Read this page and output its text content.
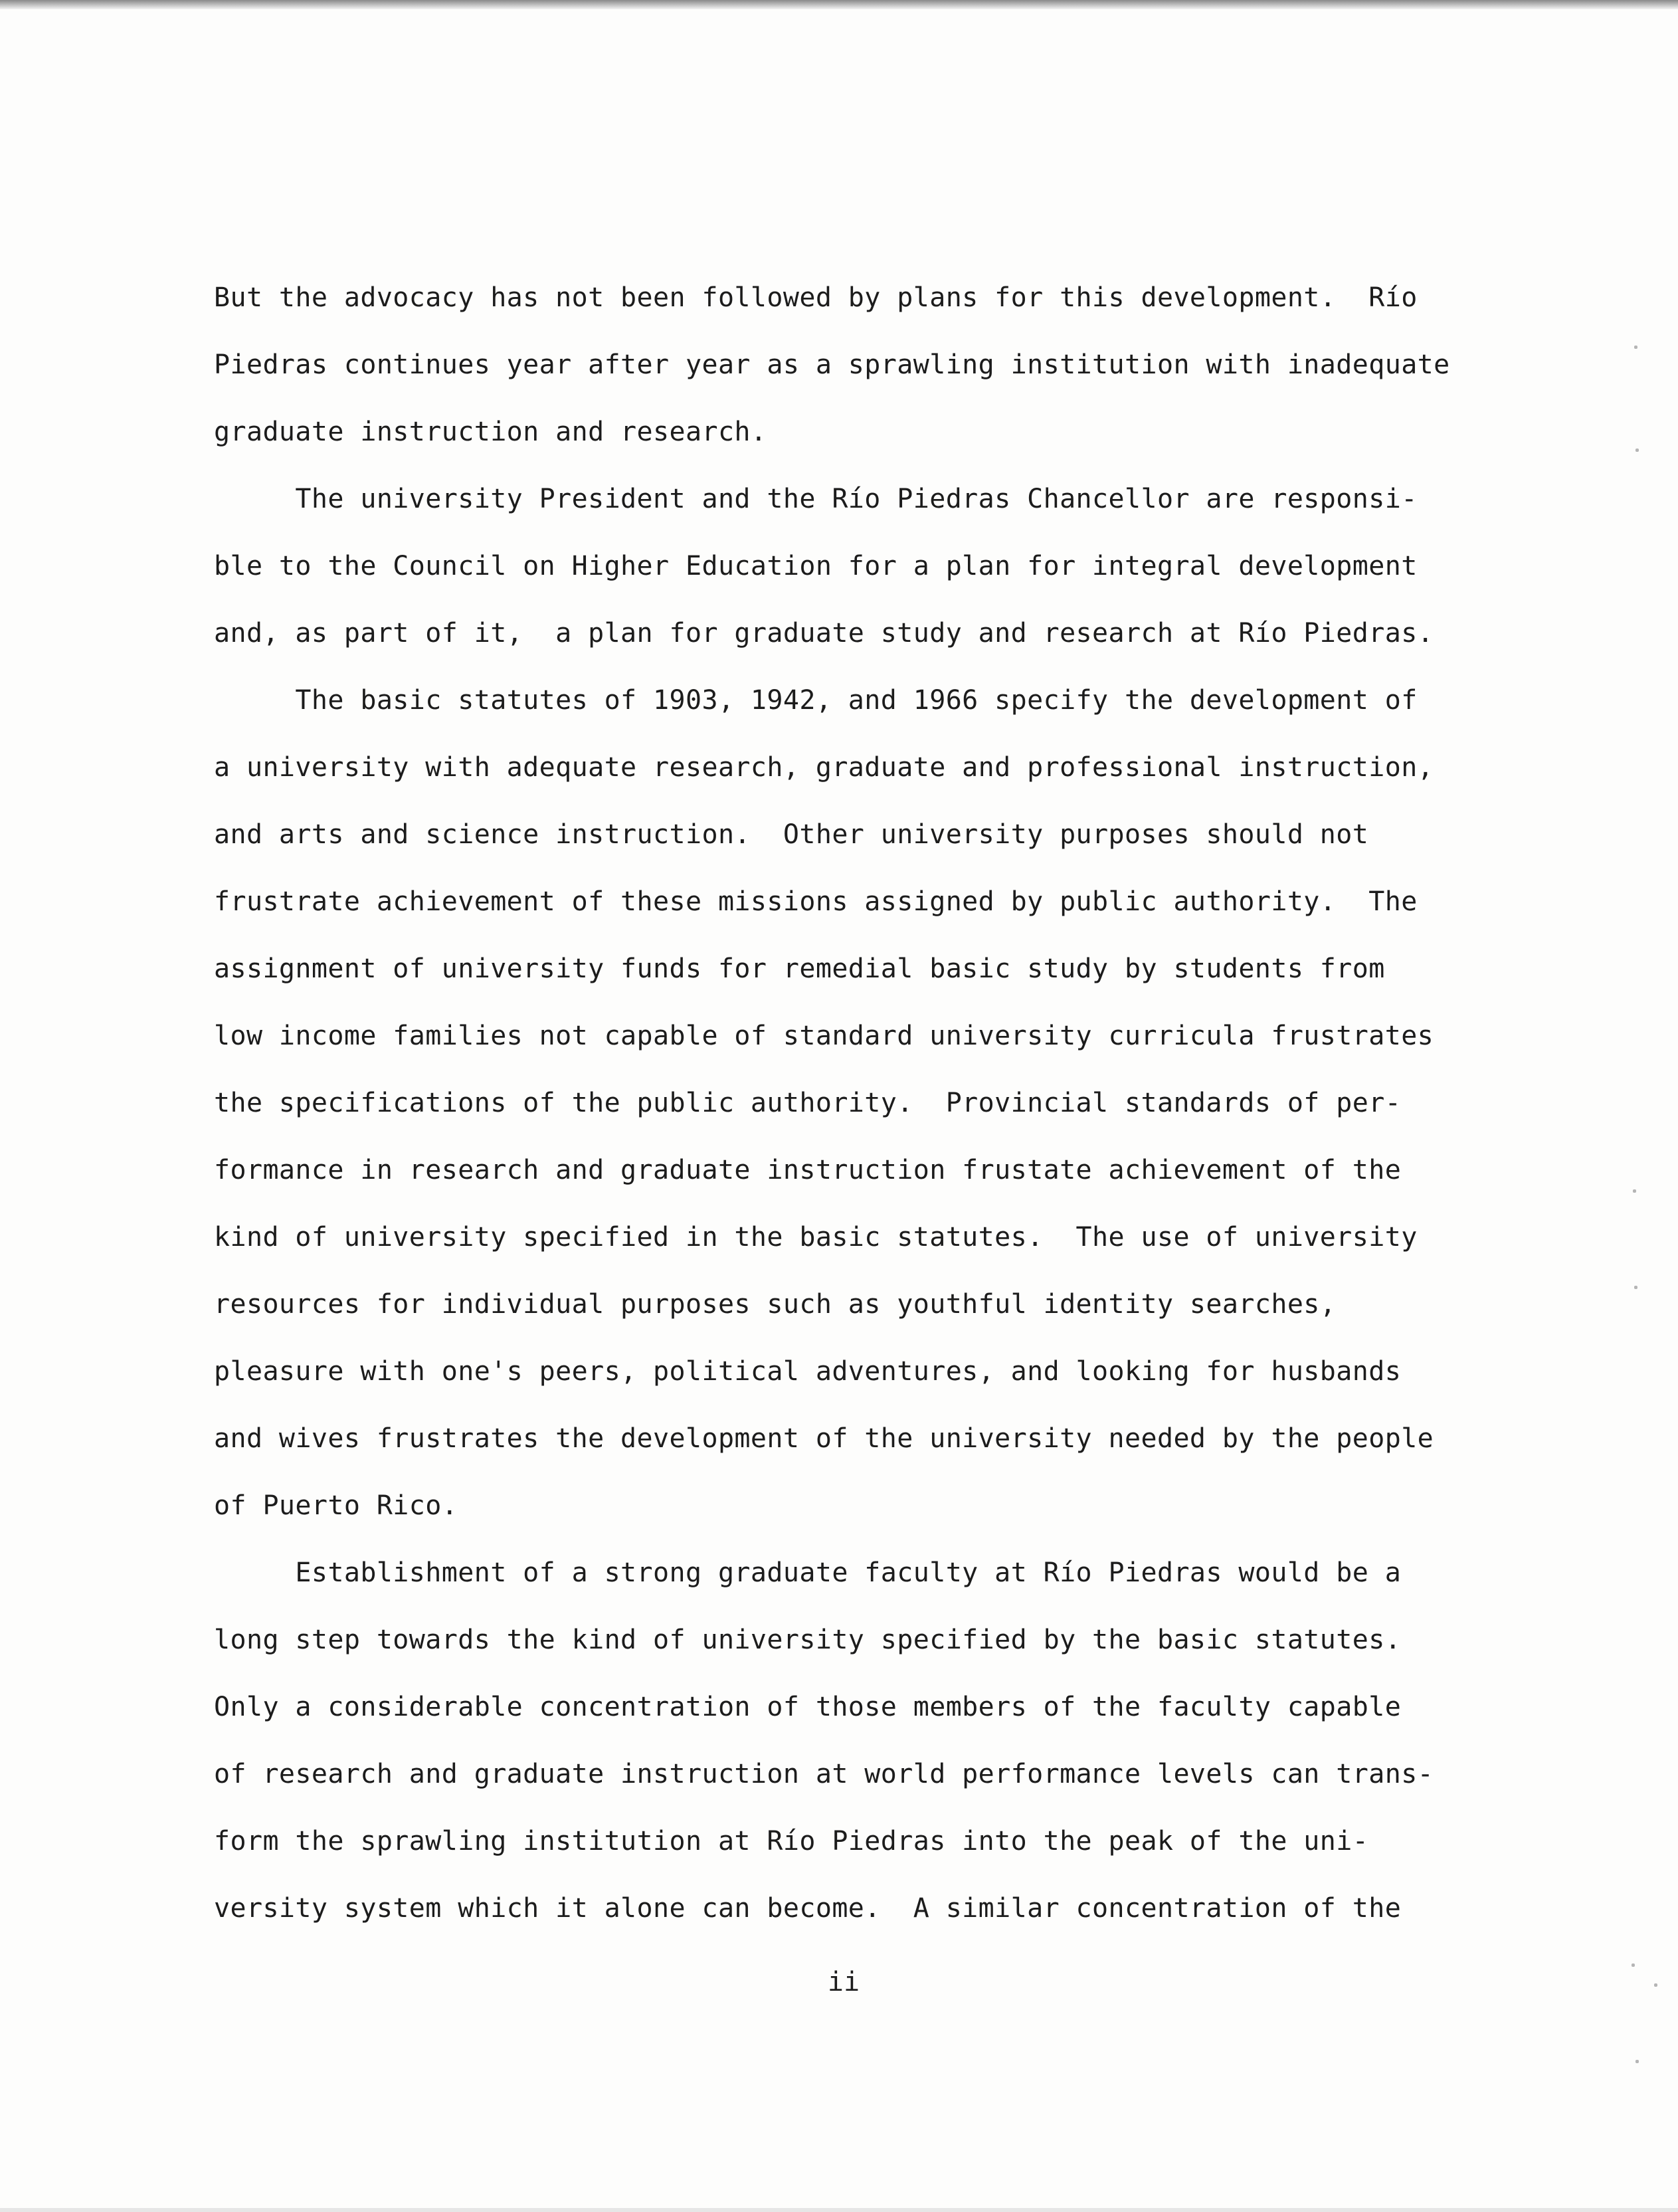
But the advocacy has not been followed by plans for this development.  Río
Piedras continues year after year as a sprawling institution with inadequate
graduate instruction and research.
The university President and the Río Piedras Chancellor are responsi-
ble to the Council on Higher Education for a plan for integral development
and, as part of it,  a plan for graduate study and research at Río Piedras.
The basic statutes of 1903, 1942, and 1966 specify the development of
a university with adequate research, graduate and professional instruction,
and arts and science instruction.  Other university purposes should not
frustrate achievement of these missions assigned by public authority.  The
assignment of university funds for remedial basic study by students from
low income families not capable of standard university curricula frustrates
the specifications of the public authority.  Provincial standards of per-
formance in research and graduate instruction frustate achievement of the
kind of university specified in the basic statutes.  The use of university
resources for individual purposes such as youthful identity searches,
pleasure with one's peers, political adventures, and looking for husbands
and wives frustrates the development of the university needed by the people
of Puerto Rico.
Establishment of a strong graduate faculty at Río Piedras would be a
long step towards the kind of university specified by the basic statutes.
Only a considerable concentration of those members of the faculty capable
of research and graduate instruction at world performance levels can trans-
form the sprawling institution at Río Piedras into the peak of the uni-
versity system which it alone can become.  A similar concentration of the
ii
